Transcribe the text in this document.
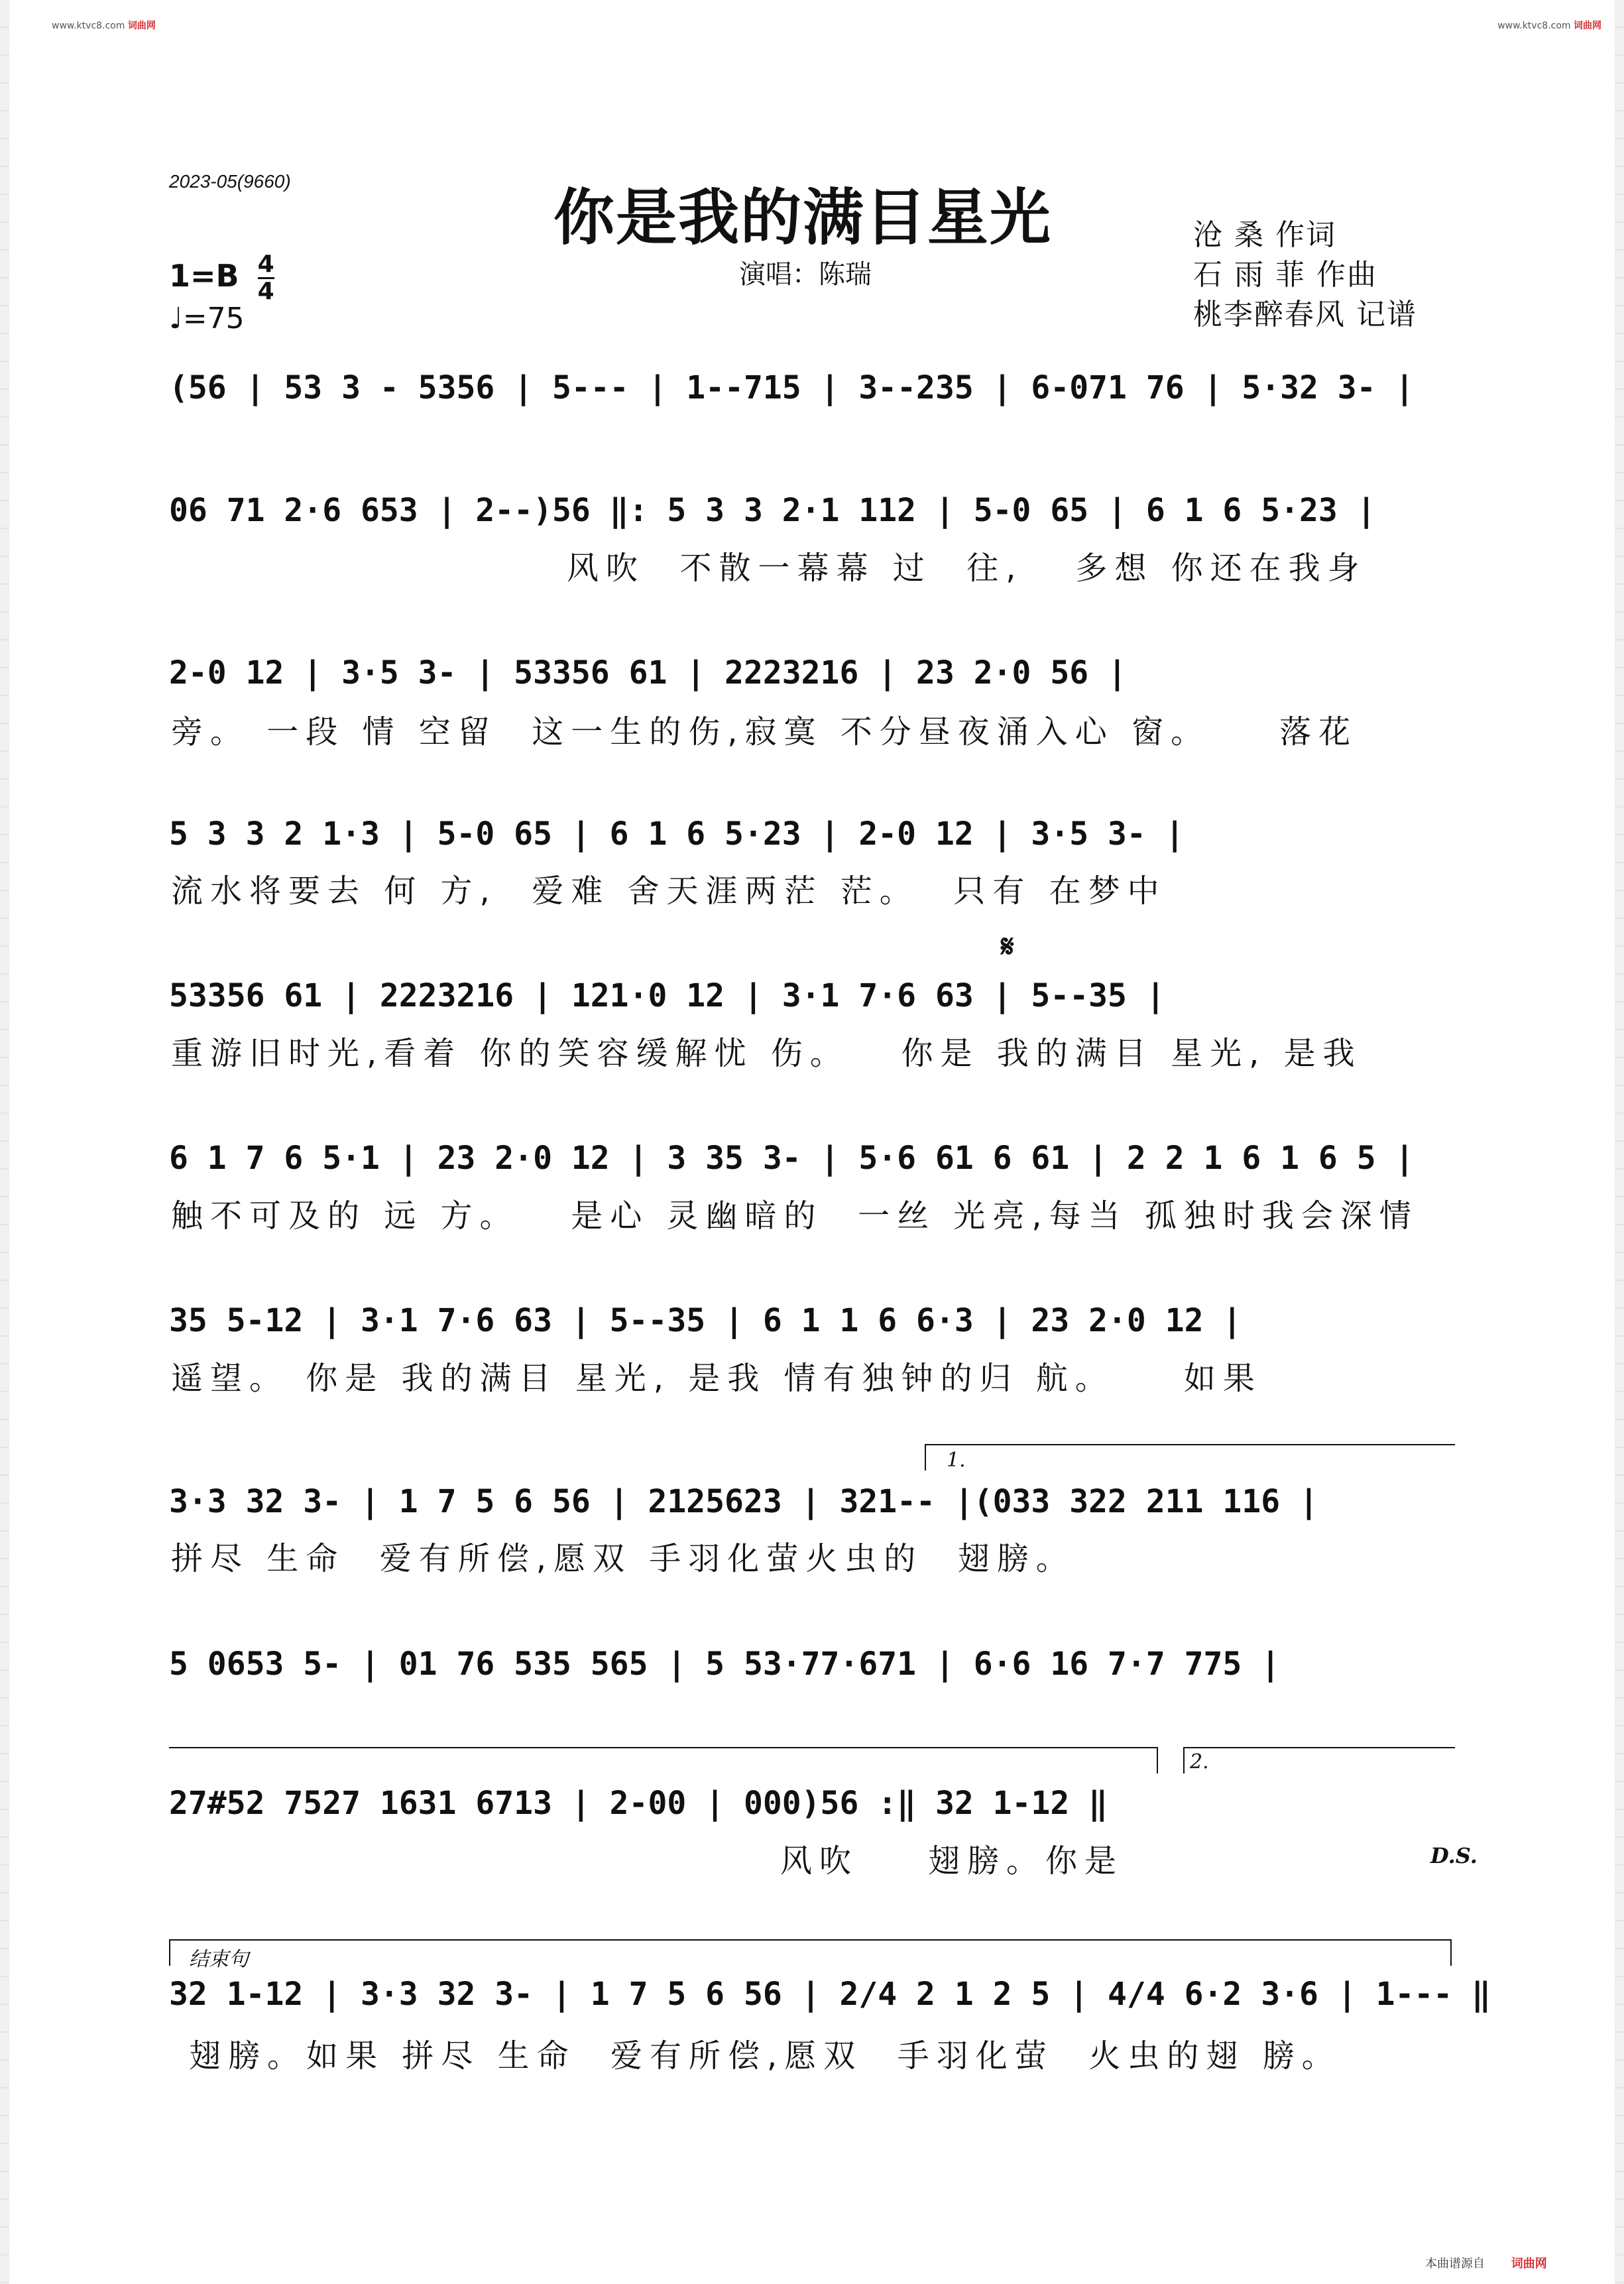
www.ktvc8.com 词曲网	www.ktvc8.com 词曲网
2023-05(9660)
你是我的满目星光
演唱：陈瑞
沧 桑 作词
石 雨 菲 作曲
桃李醉春风 记谱
$1=B \frac{4}{4}$
♩=75
(56 | 53 3 - 5356 | 5--- | 1--715 | 3--235 | 6-071 76 | 5·32 3- |
06 71 2·6 653 | 2--)56 ‖: 5 3 3 2·1 112 | 5-0 65 | 6 1 6 5·23 |
风吹  不散一幕幕 过  往,   多想 你还在我身
2-0 12 | 3·5 3- | 53356 61 | 2223216 | 23 2·0 56 |
旁。 一段 情 空留  这一生的伤,寂寞 不分昼夜涌入心 窗。    落花
5 3 3 2 1·3 | 5-0 65 | 6 1 6 5·23 | 2-0 12 | 3·5 3- |
流水将要去 何 方,  爱难 舍天涯两茫 茫。  只有 在梦中
𝄋
53356 61 | 2223216 | 121·0 12 | 3·1 7·6 63 | 5--35 |
重游旧时光,看着 你的笑容缓解忧 伤。   你是 我的满目 星光, 是我
6 1 7 6 5·1 | 23 2·0 12 | 3 35 3- | 5·6 61 6 61 | 2 2 1 6 1 6 5 |
触不可及的 远 方。   是心 灵幽暗的  一丝 光亮,每当 孤独时我会深情
35 5-12 | 3·1 7·6 63 | 5--35 | 6 1 1 6 6·3 | 23 2·0 12 |
遥望。 你是 我的满目 星光, 是我 情有独钟的归 航。    如果
1.
3·3 32 3- | 1 7 5 6 56 | 2125623 | 321-- |(033 322 211 116 |
拼尽 生命  爱有所偿,愿双 手羽化萤火虫的  翅膀。
5 0653 5- | 01 76 535 565 | 5 53·77·671 | 6·6 16 7·7 775 |
2.
27#52 7527 1631 6713 | 2-00 | 000)56 :‖ 32 1-12 ‖
风吹    翅膀。你是	D.S.
结束句
32 1-12 | 3·3 32 3- | 1 7 5 6 56 | 2/4 2 1 2 5 | 4/4 6·2 3·6 | 1--- ‖
翅膀。如果 拼尽 生命  爱有所偿,愿双  手羽化萤  火虫的翅 膀。
本曲谱源自 词曲网
